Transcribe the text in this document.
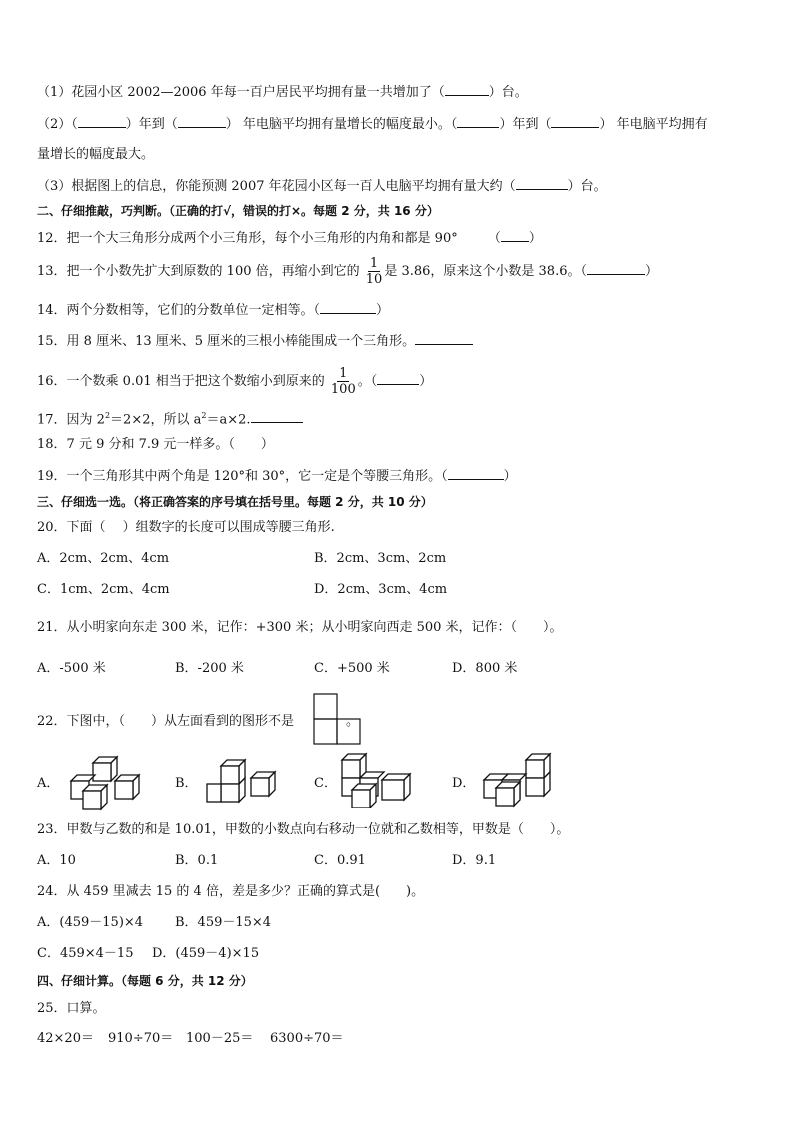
（1）花园小区 2002—2006 年每一百户居民平均拥有量一共增加了（	）台。
（2）（	）年到（	） 年电脑平均拥有量增长的幅度最小。（	）年到（	） 年电脑平均拥有
量增长的幅度最大。
（3）根据图上的信息，你能预测 2007 年花园小区每一百人电脑平均拥有量大约（	）台。
二、仔细推敲，巧判断。（正确的打√，错误的打×。每题 2 分，共 16 分）
12．把一个大三角形分成两个小三角形，每个小三角形的内角和都是 90° （ ）
13．把一个小数先扩大到原数的 100 倍，再缩小到它的 $\frac{1}{10}$ 是 3.86，原来这个小数是 38.6。（	）
14．两个分数相等，它们的分数单位一定相等。（	）
15．用 8 厘米、13 厘米、5 厘米的三根小棒能围成一个三角形。
16．一个数乘 0.01 相当于把这个数缩小到原来的 $\frac{1}{100}$ 。（	）
17．因为 $2^2=2\times 2$，所以 $a^2=a\times 2$.
18．7 元 9 分和 7.9 元一样多。（　　）
19．一个三角形其中两个角是 120°和 30°，它一定是个等腰三角形。（	）
三、仔细选一选。（将正确答案的序号填在括号里。每题 2 分，共 10 分）
20．下面（　 ）组数字的长度可以围成等腰三角形.
A．2cm、2cm、4cm	B．2cm、3cm、2cm
C．1cm、2cm、4cm	D．2cm、3cm、4cm
21．从小明家向东走 300 米，记作：+300 米；从小明家向西走 500 米，记作：（　　）。
A．-500 米	B．-200 米	C．+500 米	D．800 米
22．下图中，（　　）从左面看到的图形不是	。
A．	B．	C．	D．
23．甲数与乙数的和是 10.01，甲数的小数点向右移动一位就和乙数相等，甲数是（　　）。
A．10	B．0.1	C．0.91	D．9.1
24．从 459 里减去 15 的 4 倍，差是多少？正确的算式是(　　)。
A．(459－15)×4 B．459－15×4
C．459×4－15 D．(459－4)×15
四、仔细计算。（每题 6 分，共 12 分）
25．口算。
42×20＝ 910÷70＝ 100－25＝ 6300÷70＝
